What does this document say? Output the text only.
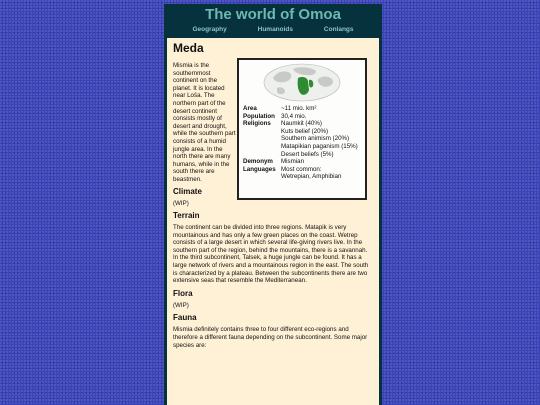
The world of Omoa
Geography	Humanoids	Conlangs
Meda
Area	~11 mio. km²
Population 30,4 mio.
Religions	Naumkit (40%)
Kuts belief (20%)
Southern animism (20%)
Matapikian paganism (15%)
Desert beliefs (5%)
Demonym	Mismian
Languages Most common:
Wetrepian, Amphibian

Mismia is the southernmost continent on the planet. It is located near Loŝa. The northern part of the desert continent consists mostly of desert and drought, while the southern part consists of a humid jungle area. In the north there are many humans, while in the south there are beastmen.

Climate

(WIP)

Terrain

The continent can be divided into three regions. Matapik is very mountainous and has only a few green places on the coast. Wetrep consists of a large desert in which several life-giving rivers live. In the southern part of the region, behind the mountains, there is a savannah. In the third subcontinent, Talsek, a huge jungle can be found. It has a large network of rivers and a mountainous region in the east. The south is characterized by a plateau. Between the subcontinents there are two extensive seas that resemble the Mediterranean.

Flora

(WIP)

Fauna

Mismia definitely contains three to four different eco-regions and therefore a different fauna depending on the subcontinent. Some major species are:
